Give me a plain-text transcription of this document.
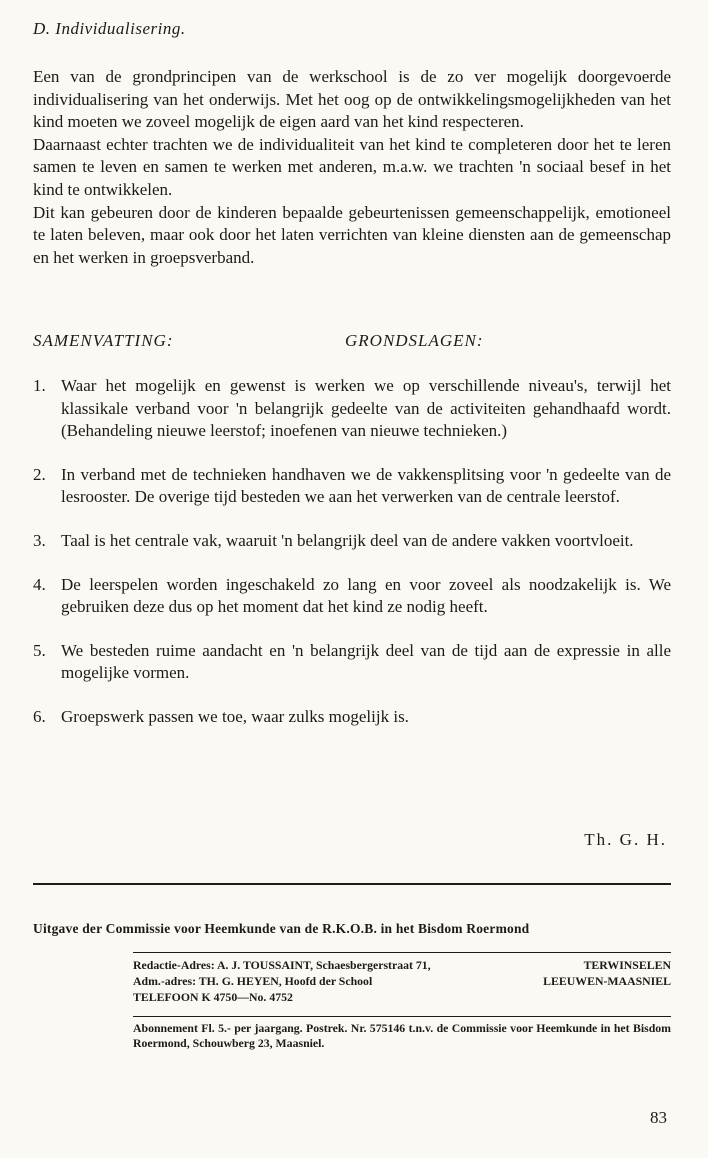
D. Individualisering.

Een van de grondprincipen van de werkschool is de zo ver mogelijk doorgevoerde individualisering van het onderwijs. Met het oog op de ontwikkelingsmogelijkheden van het kind moeten we zoveel mogelijk de eigen aard van het kind respecteren.

Daarnaast echter trachten we de individualiteit van het kind te completeren door het te leren samen te leven en samen te werken met anderen, m.a.w. we trachten 'n sociaal besef in het kind te ontwikkelen.

Dit kan gebeuren door de kinderen bepaalde gebeurtenissen gemeenschappelijk, emotioneel te laten beleven, maar ook door het laten verrichten van kleine diensten aan de gemeenschap en het werken in groepsverband.

SAMENVATTING:	GRONDSLAGEN:
1. Waar het mogelijk en gewenst is werken we op verschillende niveau's, terwijl het klassikale verband voor 'n belangrijk gedeelte van de activiteiten gehandhaafd wordt. (Behandeling nieuwe leerstof; inoefenen van nieuwe technieken.)
2. In verband met de technieken handhaven we de vakkensplitsing voor 'n gedeelte van de lesrooster. De overige tijd besteden we aan het verwerken van de centrale leerstof.
3. Taal is het centrale vak, waaruit 'n belangrijk deel van de andere vakken voortvloeit.
4. De leerspelen worden ingeschakeld zo lang en voor zoveel als noodzakelijk is. We gebruiken deze dus op het moment dat het kind ze nodig heeft.
5. We besteden ruime aandacht en 'n belangrijk deel van de tijd aan de expressie in alle mogelijke vormen.
6. Groepswerk passen we toe, waar zulks mogelijk is.
Th. G. H.
Uitgave der Commissie voor Heemkunde van de R.K.O.B. in het Bisdom Roermond
Redactie-Adres: A. J. TOUSSAINT, Schaesbergerstraat 71,	TERWINSELEN
Adm.-adres: TH. G. HEYEN, Hoofd der School	LEEUWEN-MAASNIEL
TELEFOON K 4750—No. 4752
Abonnement Fl. 5.- per jaargang. Postrek. Nr. 575146 t.n.v. de Commissie voor Heemkunde in het Bisdom Roermond, Schouwberg 23, Maasniel.
83
